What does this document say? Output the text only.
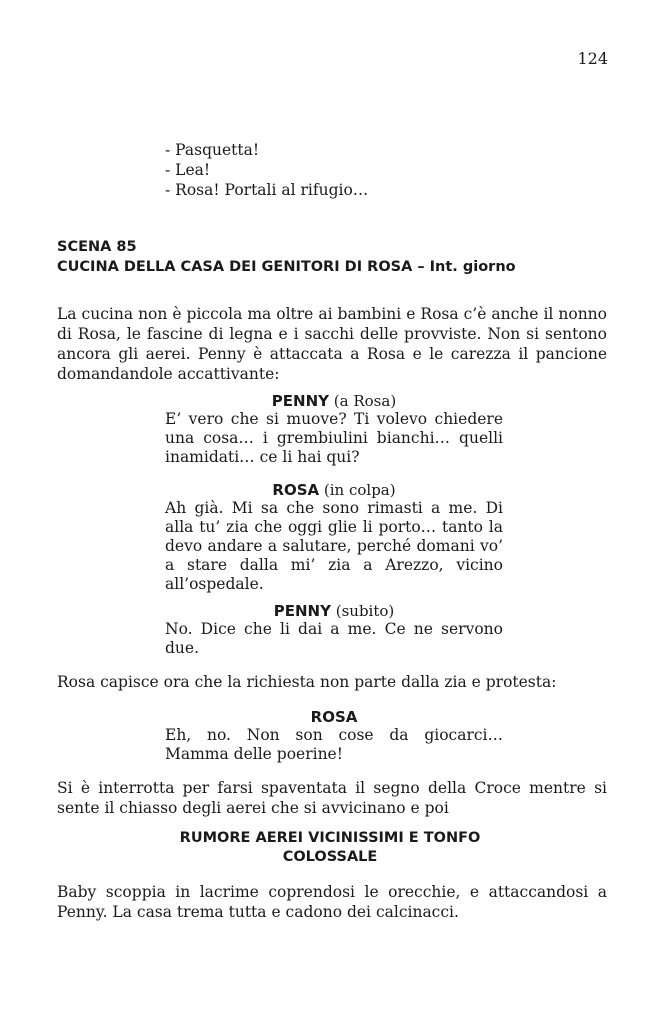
124
- Pasquetta!
- Lea!
- Rosa! Portali al rifugio…
SCENA 85
CUCINA DELLA CASA DEI GENITORI DI ROSA – Int. giorno

La cucina non è piccola ma oltre ai bambini e Rosa c’è anche il nonno di Rosa, le fascine di legna e i sacchi delle provviste. Non si sentono ancora gli aerei. Penny è attaccata a Rosa e le carezza il pancione domandandole accattivante:

PENNY (a Rosa)

E’ vero che si muove? Ti volevo chiedere una cosa… i grembiulini bianchi… quelli inamidati… ce li hai qui?

ROSA (in colpa)

Ah già. Mi sa che sono rimasti a me. Di alla tu’ zia che oggi glie li porto… tanto la devo andare a salutare, perché domani vo’ a stare dalla mi’ zia a Arezzo, vicino all’ospedale.

PENNY (subito)

No. Dice che li dai a me. Ce ne servono due.

Rosa capisce ora che la richiesta non parte dalla zia e protesta:

ROSA

Eh, no. Non son cose da giocarci… Mamma delle poerine!

Si è interrotta per farsi spaventata il segno della Croce mentre si sente il chiasso degli aerei che si avvicinano e poi

RUMORE AEREI VICINISSIMI E TONFO
COLOSSALE

Baby scoppia in lacrime coprendosi le orecchie, e attaccandosi a Penny. La casa trema tutta e cadono dei calcinacci.
